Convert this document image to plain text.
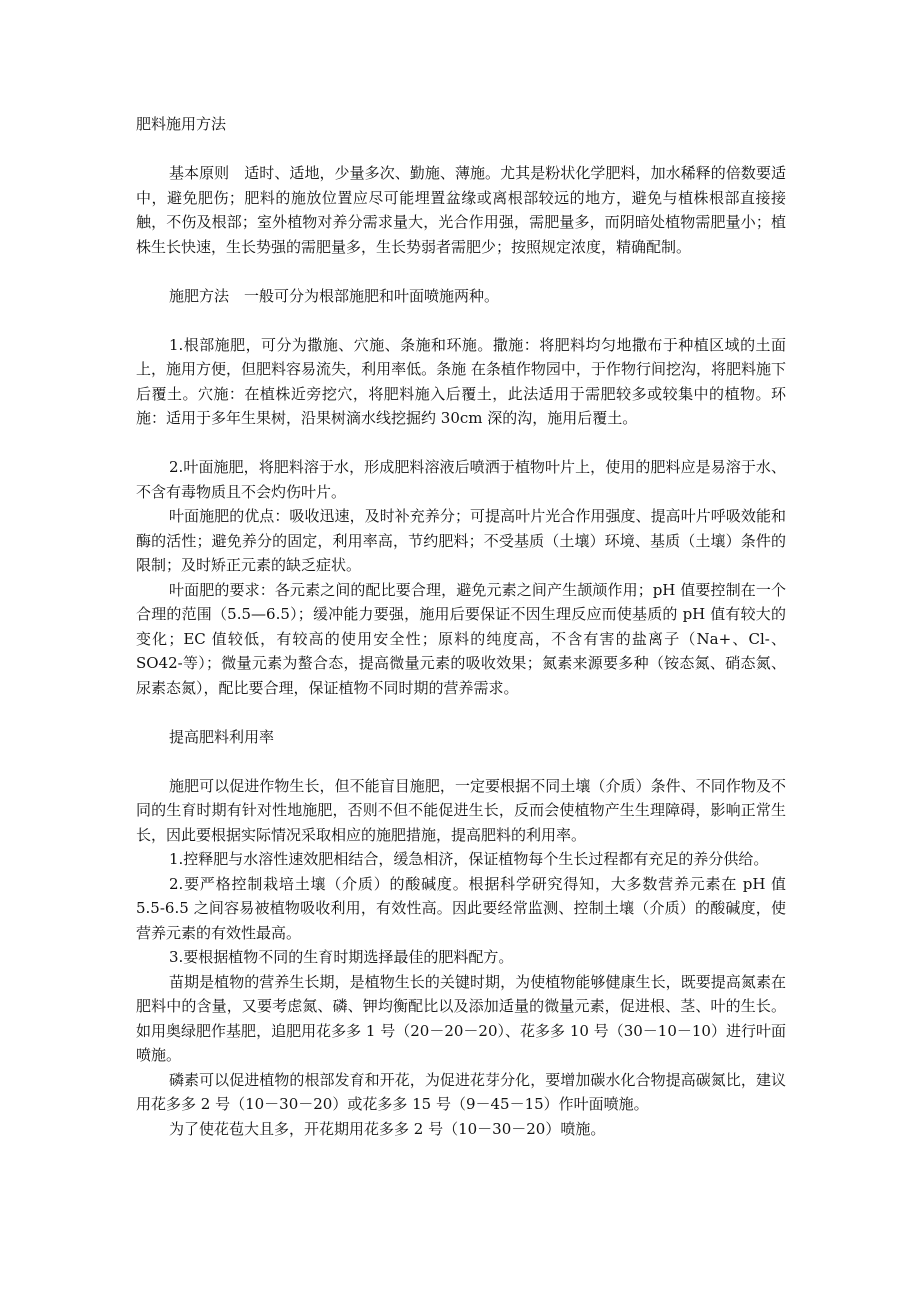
肥料施用方法

基本原则　适时、适地，少量多次、勤施、薄施。尤其是粉状化学肥料，加水稀释的倍数要适中，避免肥伤；肥料的施放位置应尽可能埋置盆缘或离根部较远的地方，避免与植株根部直接接触，不伤及根部；室外植物对养分需求量大，光合作用强，需肥量多，而阴暗处植物需肥量小；植株生长快速，生长势强的需肥量多，生长势弱者需肥少；按照规定浓度，精确配制。

施肥方法　一般可分为根部施肥和叶面喷施两种。

1.根部施肥，可分为撒施、穴施、条施和环施。撒施：将肥料均匀地撒布于种植区域的土面上，施用方便，但肥料容易流失，利用率低。条施 在条植作物园中，于作物行间挖沟，将肥料施下后覆土。穴施：在植株近旁挖穴，将肥料施入后覆土，此法适用于需肥较多或较集中的植物。环施：适用于多年生果树，沿果树滴水线挖掘约 30cm 深的沟，施用后覆土。

2.叶面施肥，将肥料溶于水，形成肥料溶液后喷洒于植物叶片上，使用的肥料应是易溶于水、不含有毒物质且不会灼伤叶片。

叶面施肥的优点：吸收迅速，及时补充养分；可提高叶片光合作用强度、提高叶片呼吸效能和酶的活性；避免养分的固定，利用率高，节约肥料；不受基质（土壤）环境、基质（土壤）条件的限制；及时矫正元素的缺乏症状。

叶面肥的要求：各元素之间的配比要合理，避免元素之间产生颉颃作用；pH 值要控制在一个合理的范围（5.5—6.5）；缓冲能力要强，施用后要保证不因生理反应而使基质的 pH 值有较大的变化；EC 值较低，有较高的使用安全性；原料的纯度高，不含有害的盐离子（Na+、Cl-、SO42-等）；微量元素为螯合态，提高微量元素的吸收效果；氮素来源要多种（铵态氮、硝态氮、尿素态氮），配比要合理，保证植物不同时期的营养需求。

提高肥料利用率

施肥可以促进作物生长，但不能盲目施肥，一定要根据不同土壤（介质）条件、不同作物及不同的生育时期有针对性地施肥，否则不但不能促进生长，反而会使植物产生生理障碍，影响正常生长，因此要根据实际情况采取相应的施肥措施，提高肥料的利用率。

1.控释肥与水溶性速效肥相结合，缓急相济，保证植物每个生长过程都有充足的养分供给。

2.要严格控制栽培土壤（介质）的酸碱度。根据科学研究得知，大多数营养元素在 pH 值 5.5-6.5 之间容易被植物吸收利用，有效性高。因此要经常监测、控制土壤（介质）的酸碱度，使营养元素的有效性最高。

3.要根据植物不同的生育时期选择最佳的肥料配方。

苗期是植物的营养生长期，是植物生长的关键时期，为使植物能够健康生长，既要提高氮素在肥料中的含量，又要考虑氮、磷、钾均衡配比以及添加适量的微量元素，促进根、茎、叶的生长。如用奥绿肥作基肥，追肥用花多多 1 号（20－20－20）、花多多 10 号（30－10－10）进行叶面喷施。

磷素可以促进植物的根部发育和开花，为促进花芽分化，要增加碳水化合物提高碳氮比，建议用花多多 2 号（10－30－20）或花多多 15 号（9－45－15）作叶面喷施。

为了使花苞大且多，开花期用花多多 2 号（10－30－20）喷施。
